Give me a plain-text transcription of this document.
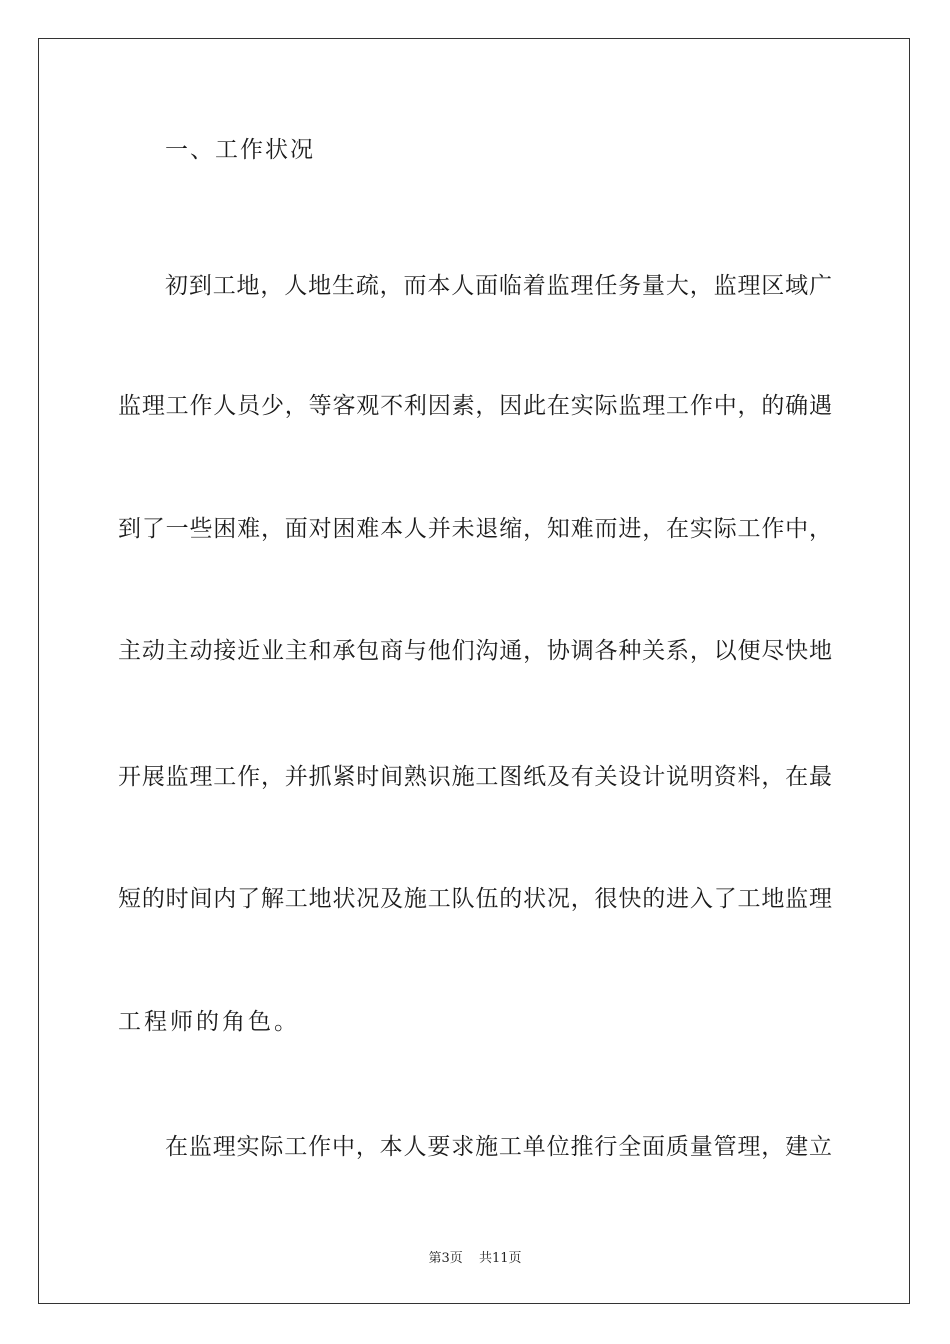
一、工作状况
初到工地，人地生疏，而本人面临着监理任务量大，监理区域广
监理工作人员少，等客观不利因素，因此在实际监理工作中，的确遇
到了一些困难，面对困难本人并未退缩，知难而进，在实际工作中，
主动主动接近业主和承包商与他们沟通，协调各种关系，以便尽快地
开展监理工作，并抓紧时间熟识施工图纸及有关设计说明资料，在最
短的时间内了解工地状况及施工队伍的状况，很快的进入了工地监理
工程师的角色。
在监理实际工作中，本人要求施工单位推行全面质量管理，建立
第3页 共11页
